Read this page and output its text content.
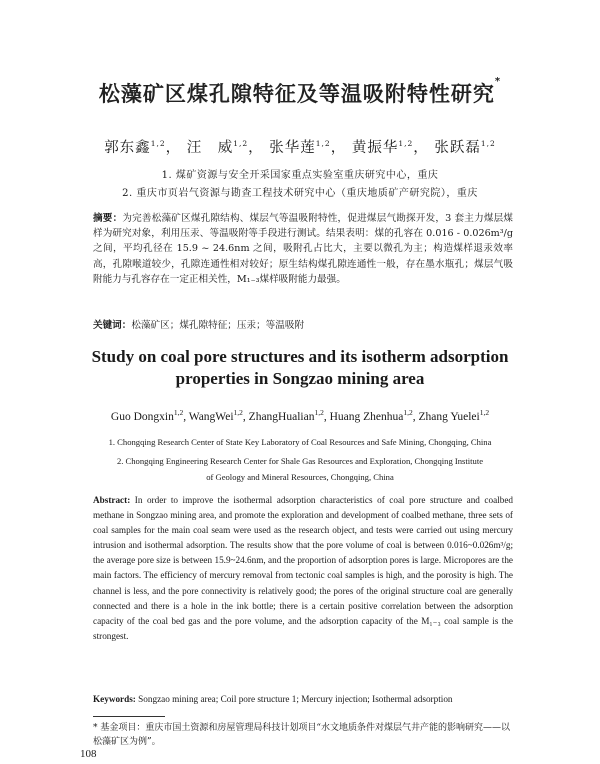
松藻矿区煤孔隙特征及等温吸附特性研究*
郭东鑫$^{1,2}$， 汪　威$^{1,2}$， 张华莲$^{1,2}$， 黄振华$^{1,2}$， 张跃磊$^{1,2}$
1. 煤矿资源与安全开采国家重点实验室重庆研究中心，重庆
2. 重庆市页岩气资源与勘查工程技术研究中心（重庆地质矿产研究院），重庆
摘要：为完善松藻矿区煤孔隙结构、煤层气等温吸附特性，促进煤层气勘探开发，3 套主力煤层煤样为研究对象，利用压汞、等温吸附等手段进行测试。结果表明：煤的孔容在 0.016 - 0.026m³/g 之间，平均孔径在 15.9 ~ 24.6nm 之间，吸附孔占比大，主要以微孔为主；构造煤样退汞效率高，孔隙喉道较少，孔隙连通性相对较好；原生结构煤孔隙连通性一般，存在墨水瓶孔；煤层气吸附能力与孔容存在一定正相关性，M₁₋₃煤样吸附能力最强。
关键词：松藻矿区；煤孔隙特征；压汞；等温吸附
Study on coal pore structures and its isotherm adsorption
properties in Songzao mining area
Guo Dongxin$^{1,2}$, WangWei$^{1,2}$, ZhangHualian$^{1,2}$, Huang Zhenhua$^{1,2}$, Zhang Yuelei$^{1,2}$
1. Chongqing Research Center of State Key Laboratory of Coal Resources and Safe Mining, Chongqing, China
2. Chongqing Engineering Research Center for Shale Gas Resources and Exploration, Chongqing Institute
of Geology and Mineral Resources, Chongqing, China
Abstract: In order to improve the isothermal adsorption characteristics of coal pore structure and coalbed methane in Songzao mining area, and promote the exploration and development of coalbed methane, three sets of coal samples for the main coal seam were used as the research object, and tests were carried out using mercury intrusion and isothermal adsorption. The results show that the pore volume of coal is between 0.016~0.026m³/g; the average pore size is between 15.9~24.6nm, and the proportion of adsorption pores is large. Micropores are the main factors. The efficiency of mercury removal from tectonic coal samples is high, and the porosity is high. The channel is less, and the pore connectivity is relatively good; the pores of the original structure coal are generally connected and there is a hole in the ink bottle; there is a certain positive correlation between the adsorption capacity of the coal bed gas and the pore volume, and the adsorption capacity of the M₁₋₃ coal sample is the strongest.
Keywords: Songzao mining area; Coil pore structure 1; Mercury injection; Isothermal adsorption
* 基金项目：重庆市国土资源和房屋管理局科技计划项目“水文地质条件对煤层气井产能的影响研究——以松藻矿区为例”。
108
